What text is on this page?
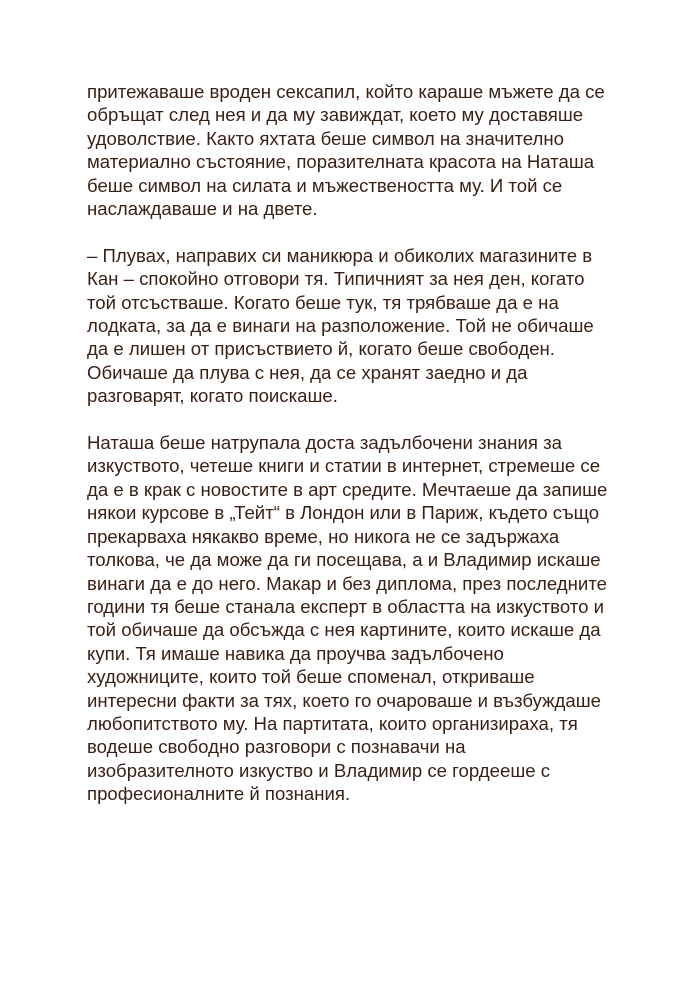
притежаваше вроден сексапил, който караше мъжете да се
обръщат след нея и да му завиждат, което му доставяше
удоволствие. Както яхтата беше символ на значително
материално състояние, поразителната красота на Наташа
беше символ на силата и мъжествеността му. И той се
наслаждаваше и на двете.

– Плувах, направих си маникюра и обиколих магазините в
Кан – спокойно отговори тя. Типичният за нея ден, когато
той отсъстваше. Когато беше тук, тя трябваше да е на
лодката, за да е винаги на разположение. Той не обичаше
да е лишен от присъствието й, когато беше свободен.
Обичаше да плува с нея, да се хранят заедно и да
разговарят, когато поискаше.

Наташа беше натрупала доста задълбочени знания за
изкуството, четеше книги и статии в интернет, стремеше се
да е в крак с новостите в арт средите. Мечтаеше да запише
някои курсове в „Тейт“ в Лондон или в Париж, където също
прекарваха някакво време, но никога не се задържаха
толкова, че да може да ги посещава, а и Владимир искаше
винаги да е до него. Макар и без диплома, през последните
години тя беше станала експерт в областта на изкуството и
той обичаше да обсъжда с нея картините, които искаше да
купи. Тя имаше навика да проучва задълбочено
художниците, които той беше споменал, откриваше
интересни факти за тях, което го очароваше и възбуждаше
любопитството му. На партитата, които организираха, тя
водеше свободно разговори с познавачи на
изобразителното изкуство и Владимир се гордееше с
професионалните й познания.
